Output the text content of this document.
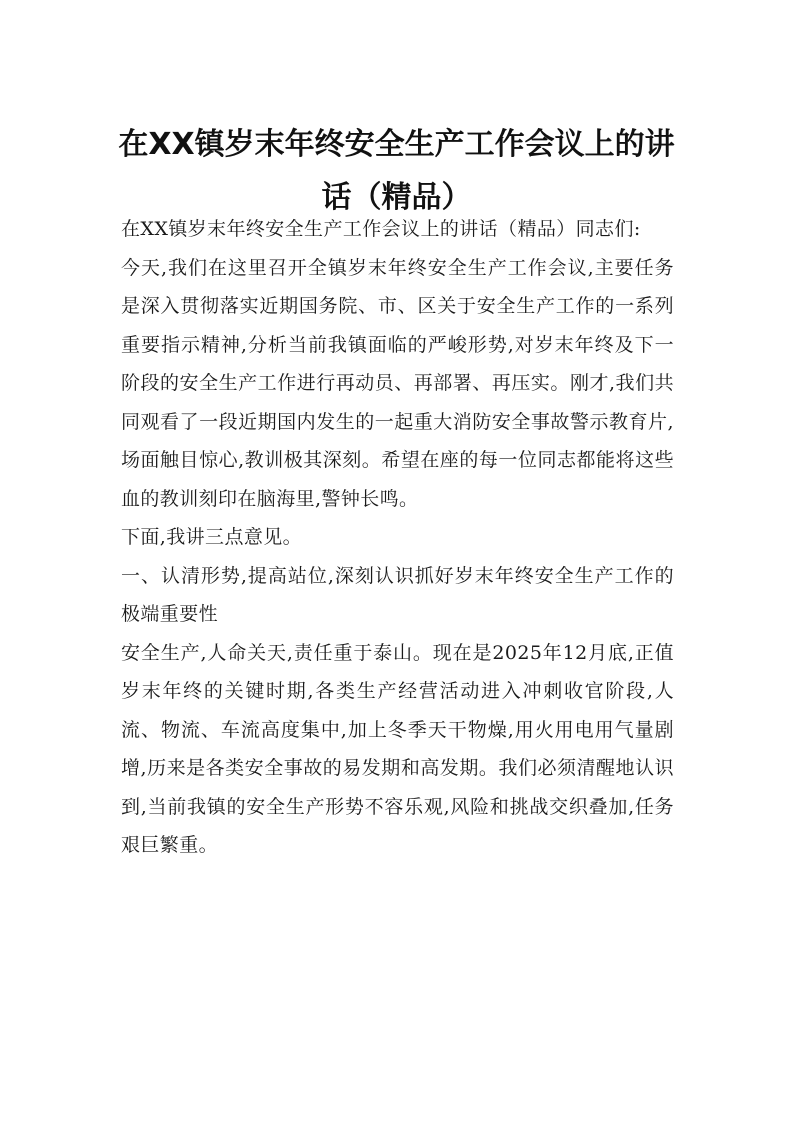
在XX镇岁末年终安全生产工作会议上的讲话（精品）

在XX镇岁末年终安全生产工作会议上的讲话（精品）同志们:

今天,我们在这里召开全镇岁末年终安全生产工作会议,主要任务是深入贯彻落实近期国务院、市、区关于安全生产工作的一系列重要指示精神,分析当前我镇面临的严峻形势,对岁末年终及下一阶段的安全生产工作进行再动员、再部署、再压实。刚才,我们共同观看了一段近期国内发生的一起重大消防安全事故警示教育片,场面触目惊心,教训极其深刻。希望在座的每一位同志都能将这些血的教训刻印在脑海里,警钟长鸣。

下面,我讲三点意见。

一、认清形势,提高站位,深刻认识抓好岁末年终安全生产工作的极端重要性

安全生产,人命关天,责任重于泰山。现在是2025年12月底,正值岁末年终的关键时期,各类生产经营活动进入冲刺收官阶段,人流、物流、车流高度集中,加上冬季天干物燥,用火用电用气量剧增,历来是各类安全事故的易发期和高发期。我们必须清醒地认识到,当前我镇的安全生产形势不容乐观,风险和挑战交织叠加,任务艰巨繁重。
